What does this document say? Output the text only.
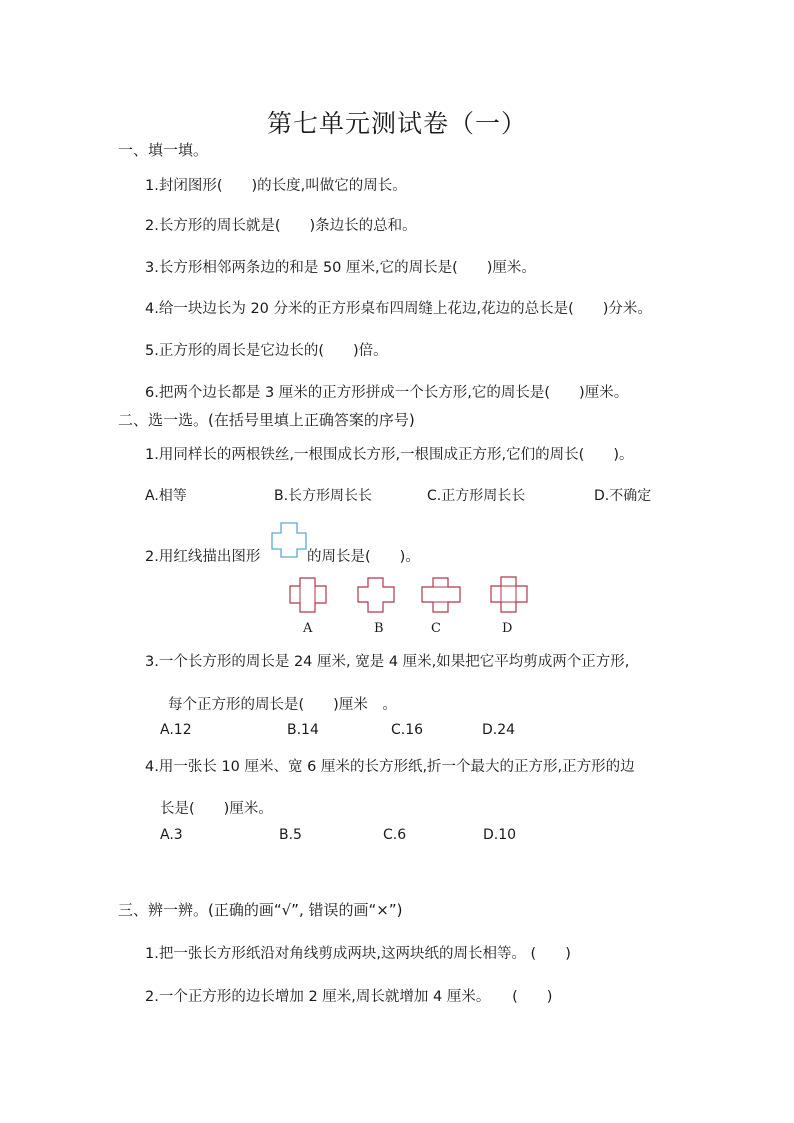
第七单元测试卷（一）
一、填一填。
1.封闭图形(　　)的长度,叫做它的周长。
2.长方形的周长就是(　　)条边长的总和。
3.长方形相邻两条边的和是 50 厘米,它的周长是(　　)厘米。
4.给一块边长为 20 分米的正方形桌布四周缝上花边,花边的总长是(　　)分米。
5.正方形的周长是它边长的(　　)倍。
6.把两个边长都是 3 厘米的正方形拼成一个长方形,它的周长是(　　)厘米。
二、选一选。(在括号里填上正确答案的序号)
1.用同样长的两根铁丝,一根围成长方形,一根围成正方形,它们的周长(　　)。
A.相等	B.长方形周长长	C.正方形周长长	D.不确定
2.用红线描出图形	的周长是(　　)。
A	B	C	D
3.一个长方形的周长是 24 厘米, 宽是 4 厘米,如果把它平均剪成两个正方形,
每个正方形的周长是(　　)厘米　。
A.12	B.14	C.16	D.24
4.用一张长 10 厘米、宽 6 厘米的长方形纸,折一个最大的正方形,正方形的边
长是(　　)厘米。
A.3	B.5	C.6	D.10
三、辨一辨。(正确的画“√”, 错误的画“×”)
1.把一张长方形纸沿对角线剪成两块,这两块纸的周长相等。 (　　)
2.一个正方形的边长增加 2 厘米,周长就增加 4 厘米。　　(　　)
